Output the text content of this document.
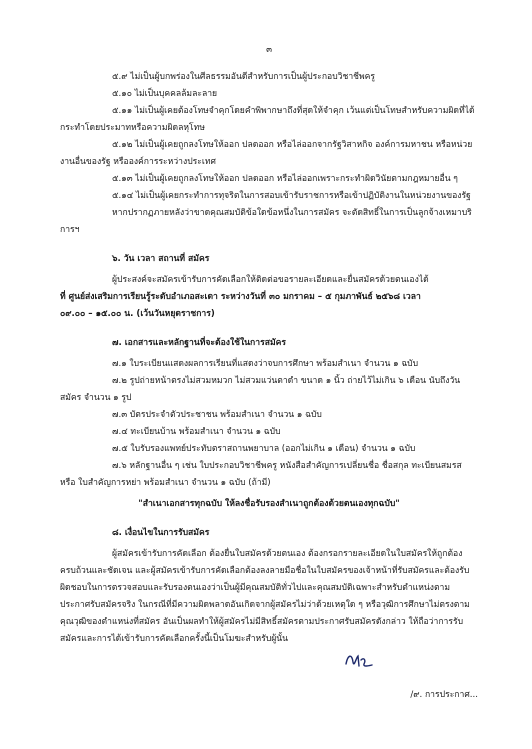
๓

๕.๙ ไม่เป็นผู้บกพร่องในศีลธรรมอันดีสำหรับการเป็นผู้ประกอบวิชาชีพครู

๕.๑๐ ไม่เป็นบุคคลล้มละลาย

๕.๑๑ ไม่เป็นผู้เคยต้องโทษจำคุกโดยคำพิพากษาถึงที่สุดให้จำคุก เว้นแต่เป็นโทษสำหรับความผิดที่ได้กระทำโดยประมาทหรือความผิดลหุโทษ

๕.๑๒ ไม่เป็นผู้เคยถูกลงโทษให้ออก ปลดออก หรือไล่ออกจากรัฐวิสาหกิจ องค์การมหาชน หรือหน่วยงานอื่นของรัฐ หรือองค์การระหว่างประเทศ

๕.๑๓ ไม่เป็นผู้เคยถูกลงโทษให้ออก ปลดออก หรือไล่ออกเพราะกระทำผิดวินัยตามกฎหมายอื่น ๆ

๕.๑๔ ไม่เป็นผู้เคยกระทำการทุจริตในการสอบเข้ารับราชการหรือเข้าปฏิบัติงานในหน่วยงานของรัฐ

หากปรากฏภายหลังว่าขาดคุณสมบัติข้อใดข้อหนึ่งในการสมัคร จะตัดสิทธิ์ในการเป็นลูกจ้างเหมาบริการฯ

๖. วัน เวลา สถานที่ สมัคร

ผู้ประสงค์จะสมัครเข้ารับการคัดเลือกให้ติดต่อขอรายละเอียดและยื่นสมัครด้วยตนเองได้

ที่ ศูนย์ส่งเสริมการเรียนรู้ระดับอำเภอสะเดา ระหว่างวันที่ ๓๐ มกราคม – ๕ กุมภาพันธ์ ๒๕๖๘ เวลา

๐๙.๐๐ – ๑๕.๐๐ น. (เว้นวันหยุดราชการ)

๗. เอกสารและหลักฐานที่จะต้องใช้ในการสมัคร

๗.๑ ใบระเบียนแสดงผลการเรียนที่แสดงว่าจบการศึกษา พร้อมสำเนา จำนวน ๑ ฉบับ

๗.๒ รูปถ่ายหน้าตรงไม่สวมหมวก ไม่สวมแว่นตาดำ ขนาด ๑ นิ้ว ถ่ายไว้ไม่เกิน ๖ เดือน นับถึงวันสมัคร จำนวน ๑ รูป

๗.๓ บัตรประจำตัวประชาชน พร้อมสำเนา จำนวน ๑ ฉบับ

๗.๔ ทะเบียนบ้าน พร้อมสำเนา จำนวน ๑ ฉบับ

๗.๕ ใบรับรองแพทย์ประทับตราสถานพยาบาล (ออกไม่เกิน ๑ เดือน) จำนวน ๑ ฉบับ

๗.๖ หลักฐานอื่น ๆ เช่น ใบประกอบวิชาชีพครู หนังสือสำคัญการเปลี่ยนชื่อ ชื่อสกุล ทะเบียนสมรส หรือ ใบสำคัญการหย่า พร้อมสำเนา จำนวน ๑ ฉบับ (ถ้ามี)

"สำเนาเอกสารทุกฉบับ ให้ลงชื่อรับรองสำเนาถูกต้องด้วยตนเองทุกฉบับ"

๘. เงื่อนไขในการรับสมัคร

ผู้สมัครเข้ารับการคัดเลือก ต้องยื่นใบสมัครด้วยตนเอง ต้องกรอกรายละเอียดในใบสมัครให้ถูกต้อง ครบถ้วนและชัดเจน และผู้สมัครเข้ารับการคัดเลือกต้องลงลายมือชื่อในใบสมัครของเจ้าหน้าที่รับสมัครและต้องรับผิดชอบในการตรวจสอบและรับรองตนเองว่าเป็นผู้มีคุณสมบัติทั่วไปและคุณสมบัติเฉพาะสำหรับตำแหน่งตามประกาศรับสมัครจริง ในกรณีที่มีความผิดพลาดอันเกิดจากผู้สมัครไม่ว่าด้วยเหตุใด ๆ หรือวุฒิการศึกษาไม่ตรงตามคุณวุฒิของตำแหน่งที่สมัคร อันเป็นผลทำให้ผู้สมัครไม่มีสิทธิ์สมัครตามประกาศรับสมัครดังกล่าว ให้ถือว่าการรับสมัครและการได้เข้ารับการคัดเลือกครั้งนี้เป็นโมฆะสำหรับผู้นั้น

/๙. การประกาศ...
